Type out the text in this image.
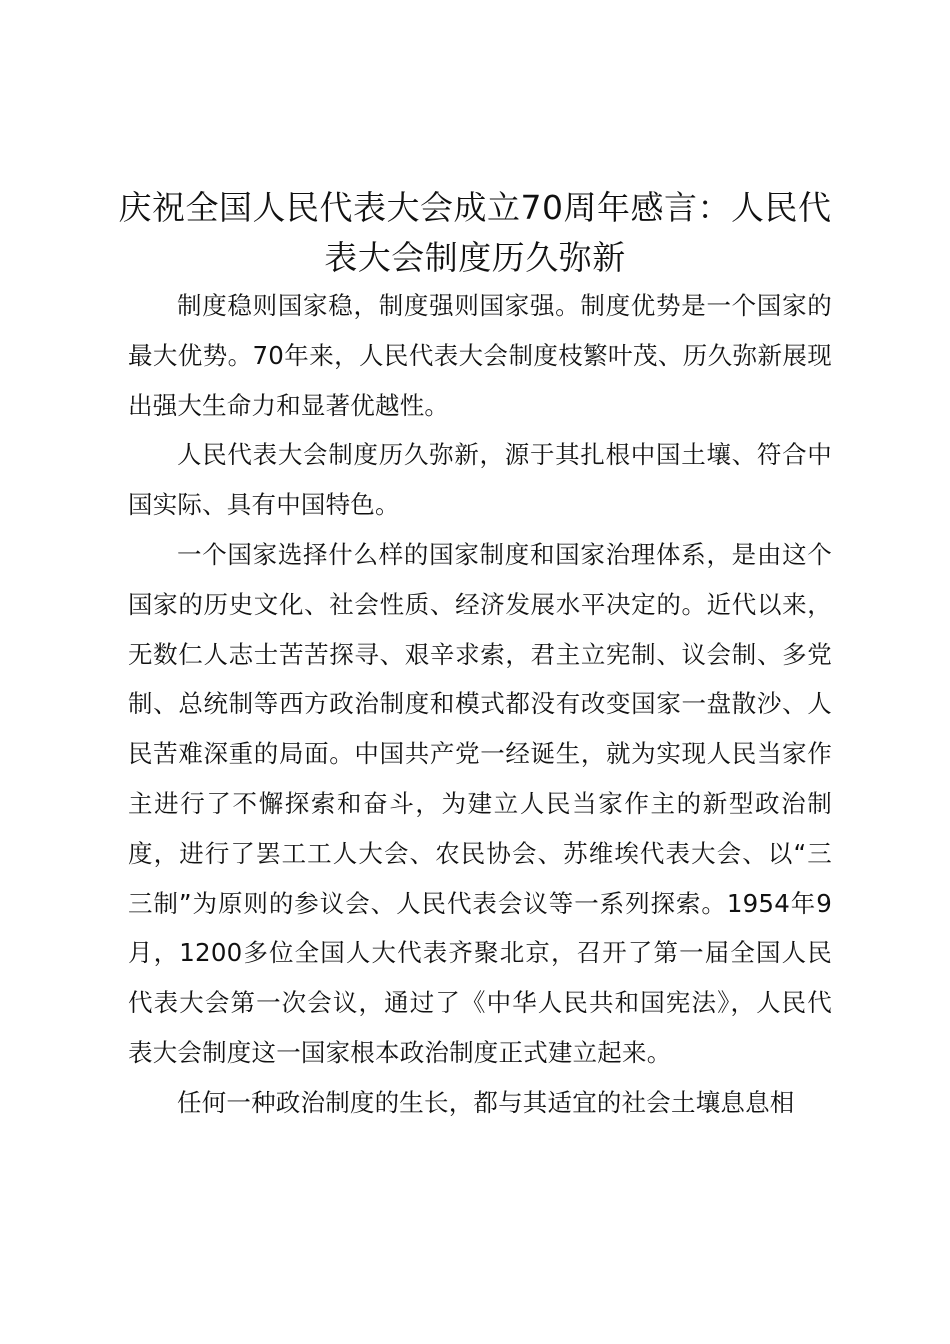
庆祝全国人民代表大会成立70周年感言：人民代表大会制度历久弥新

制度稳则国家稳，制度强则国家强。制度优势是一个国家的最大优势。70年来，人民代表大会制度枝繁叶茂、历久弥新展现出强大生命力和显著优越性。

人民代表大会制度历久弥新，源于其扎根中国土壤、符合中国实际、具有中国特色。

一个国家选择什么样的国家制度和国家治理体系，是由这个国家的历史文化、社会性质、经济发展水平决定的。近代以来，无数仁人志士苦苦探寻、艰辛求索，君主立宪制、议会制、多党制、总统制等西方政治制度和模式都没有改变国家一盘散沙、人民苦难深重的局面。中国共产党一经诞生，就为实现人民当家作主进行了不懈探索和奋斗，为建立人民当家作主的新型政治制度，进行了罢工工人大会、农民协会、苏维埃代表大会、以“三三制”为原则的参议会、人民代表会议等一系列探索。1954年9月，1200多位全国人大代表齐聚北京，召开了第一届全国人民代表大会第一次会议，通过了《中华人民共和国宪法》，人民代表大会制度这一国家根本政治制度正式建立起来。

任何一种政治制度的生长，都与其适宜的社会土壤息息相
